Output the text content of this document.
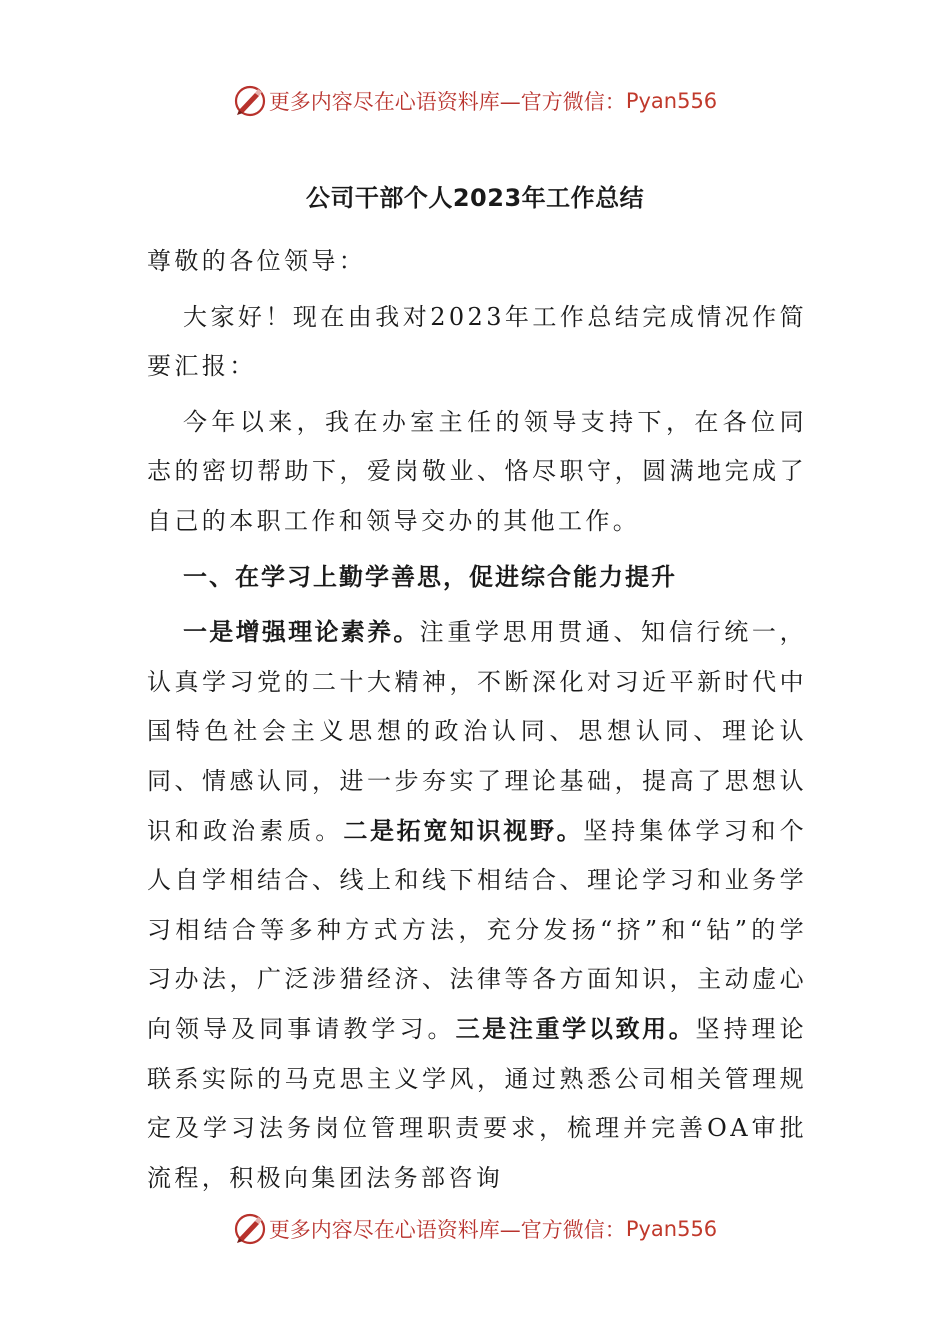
更多内容尽在心语资料库—官方微信： Pyan556
公司干部个人2023年工作总结

尊敬的各位领导：

大家好！现在由我对2023年工作总结完成情况作简要汇报：

今年以来，我在办室主任的领导支持下，在各位同志的密切帮助下，爱岗敬业、恪尽职守，圆满地完成了自己的本职工作和领导交办的其他工作。

一、在学习上勤学善思，促进综合能力提升

一是增强理论素养。注重学思用贯通、知信行统一，认真学习党的二十大精神，不断深化对习近平新时代中国特色社会主义思想的政治认同、思想认同、理论认同、情感认同，进一步夯实了理论基础，提高了思想认识和政治素质。二是拓宽知识视野。坚持集体学习和个人自学相结合、线上和线下相结合、理论学习和业务学习相结合等多种方式方法，充分发扬“挤”和“钻”的学习办法，广泛涉猎经济、法律等各方面知识，主动虚心向领导及同事请教学习。三是注重学以致用。坚持理论联系实际的马克思主义学风，通过熟悉公司相关管理规定及学习法务岗位管理职责要求，梳理并完善OA审批流程，积极向集团法务部咨询

更多内容尽在心语资料库—官方微信： Pyan556
